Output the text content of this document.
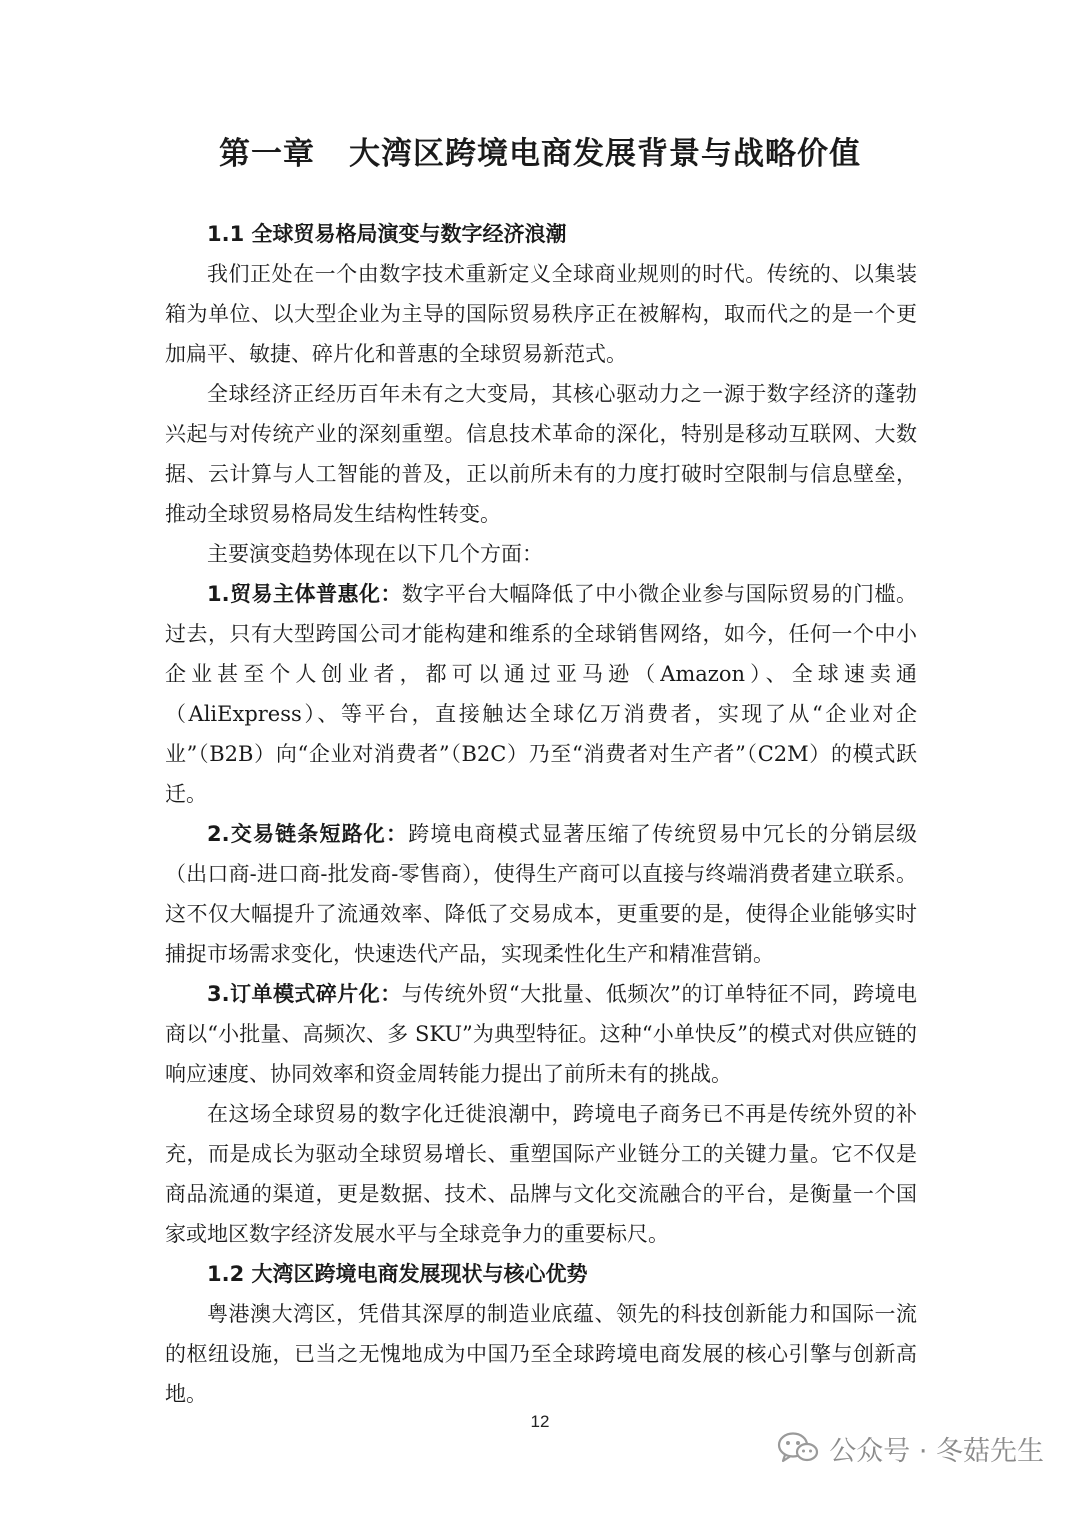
第一章 大湾区跨境电商发展背景与战略价值

1.1 全球贸易格局演变与数字经济浪潮

我们正处在一个由数字技术重新定义全球商业规则的时代。传统的、以集装箱为单位、以大型企业为主导的国际贸易秩序正在被解构，取而代之的是一个更加扁平、敏捷、碎片化和普惠的全球贸易新范式。

全球经济正经历百年未有之大变局，其核心驱动力之一源于数字经济的蓬勃兴起与对传统产业的深刻重塑。信息技术革命的深化，特别是移动互联网、大数据、云计算与人工智能的普及，正以前所未有的力度打破时空限制与信息壁垒，推动全球贸易格局发生结构性转变。

主要演变趋势体现在以下几个方面：

1.贸易主体普惠化：数字平台大幅降低了中小微企业参与国际贸易的门槛。过去，只有大型跨国公司才能构建和维系的全球销售网络，如今，任何一个中小企业甚至个人创业者，都可以通过亚马逊（Amazon）、全球速卖通（AliExpress）、等平台，直接触达全球亿万消费者，实现了从“企业对企业”（B2B）向“企业对消费者”（B2C）乃至“消费者对生产者”（C2M）的模式跃迁。

2.交易链条短路化：跨境电商模式显著压缩了传统贸易中冗长的分销层级（出口商-进口商-批发商-零售商），使得生产商可以直接与终端消费者建立联系。这不仅大幅提升了流通效率、降低了交易成本，更重要的是，使得企业能够实时捕捉市场需求变化，快速迭代产品，实现柔性化生产和精准营销。

3.订单模式碎片化：与传统外贸“大批量、低频次”的订单特征不同，跨境电商以“小批量、高频次、多 SKU”为典型特征。这种“小单快反”的模式对供应链的响应速度、协同效率和资金周转能力提出了前所未有的挑战。

在这场全球贸易的数字化迁徙浪潮中，跨境电子商务已不再是传统外贸的补充，而是成长为驱动全球贸易增长、重塑国际产业链分工的关键力量。它不仅是商品流通的渠道，更是数据、技术、品牌与文化交流融合的平台，是衡量一个国家或地区数字经济发展水平与全球竞争力的重要标尺。

1.2 大湾区跨境电商发展现状与核心优势

粤港澳大湾区，凭借其深厚的制造业底蕴、领先的科技创新能力和国际一流的枢纽设施，已当之无愧地成为中国乃至全球跨境电商发展的核心引擎与创新高地。

12
公众号 · 冬菇先生
